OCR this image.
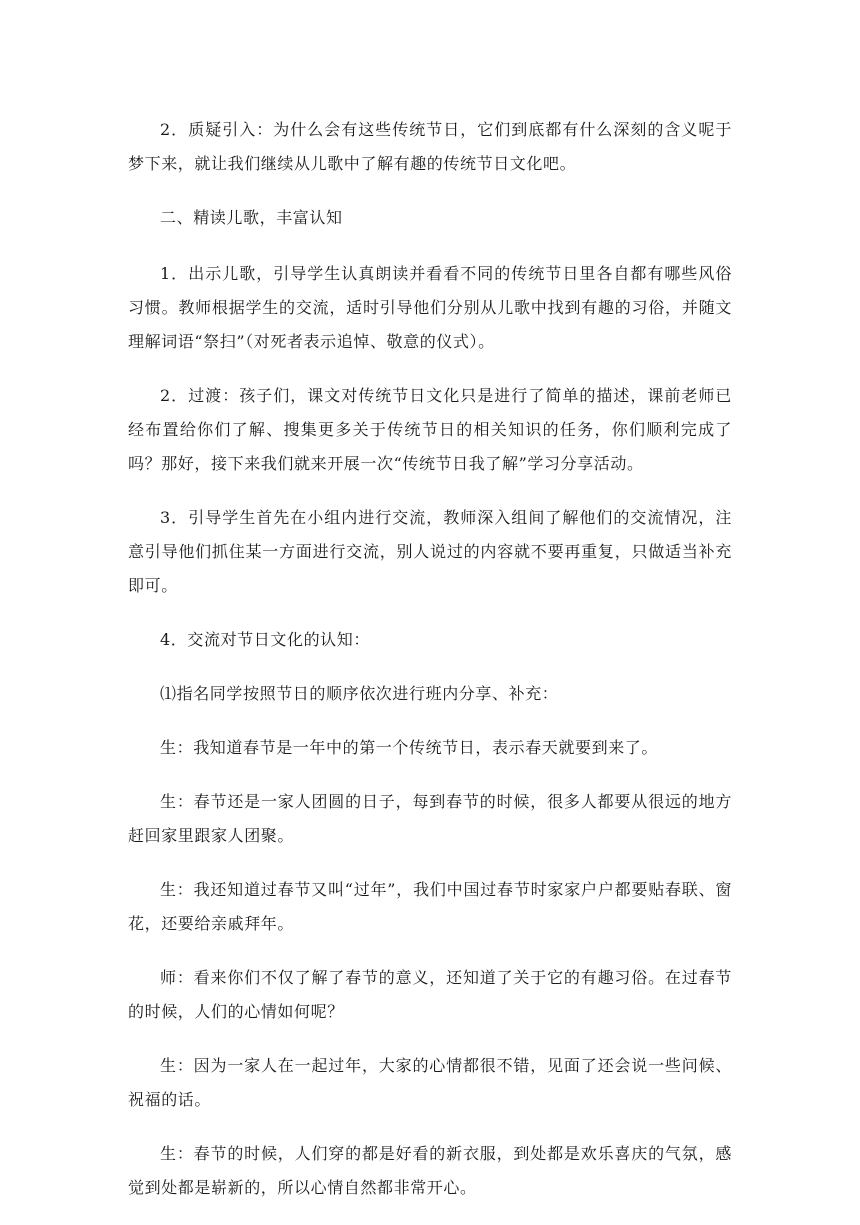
2．质疑引入：为什么会有这些传统节日，它们到底都有什么深刻的含义呢于梦下来，就让我们继续从儿歌中了解有趣的传统节日文化吧。

二、精读儿歌，丰富认知

1．出示儿歌，引导学生认真朗读并看看不同的传统节日里各自都有哪些风俗习惯。教师根据学生的交流，适时引导他们分别从儿歌中找到有趣的习俗，并随文理解词语“祭扫”（对死者表示追悼、敬意的仪式）。

2．过渡：孩子们，课文对传统节日文化只是进行了简单的描述，课前老师已经布置给你们了解、搜集更多关于传统节日的相关知识的任务，你们顺利完成了吗？那好，接下来我们就来开展一次“传统节日我了解”学习分享活动。

3．引导学生首先在小组内进行交流，教师深入组间了解他们的交流情况，注意引导他们抓住某一方面进行交流，别人说过的内容就不要再重复，只做适当补充即可。

4．交流对节日文化的认知：

⑴指名同学按照节日的顺序依次进行班内分享、补充：

生：我知道春节是一年中的第一个传统节日，表示春天就要到来了。

生：春节还是一家人团圆的日子，每到春节的时候，很多人都要从很远的地方赶回家里跟家人团聚。

生：我还知道过春节又叫“过年”，我们中国过春节时家家户户都要贴春联、窗花，还要给亲戚拜年。

师：看来你们不仅了解了春节的意义，还知道了关于它的有趣习俗。在过春节的时候，人们的心情如何呢？

生：因为一家人在一起过年，大家的心情都很不错，见面了还会说一些问候、祝福的话。

生：春节的时候，人们穿的都是好看的新衣服，到处都是欢乐喜庆的气氛，感觉到处都是崭新的，所以心情自然都非常开心。
